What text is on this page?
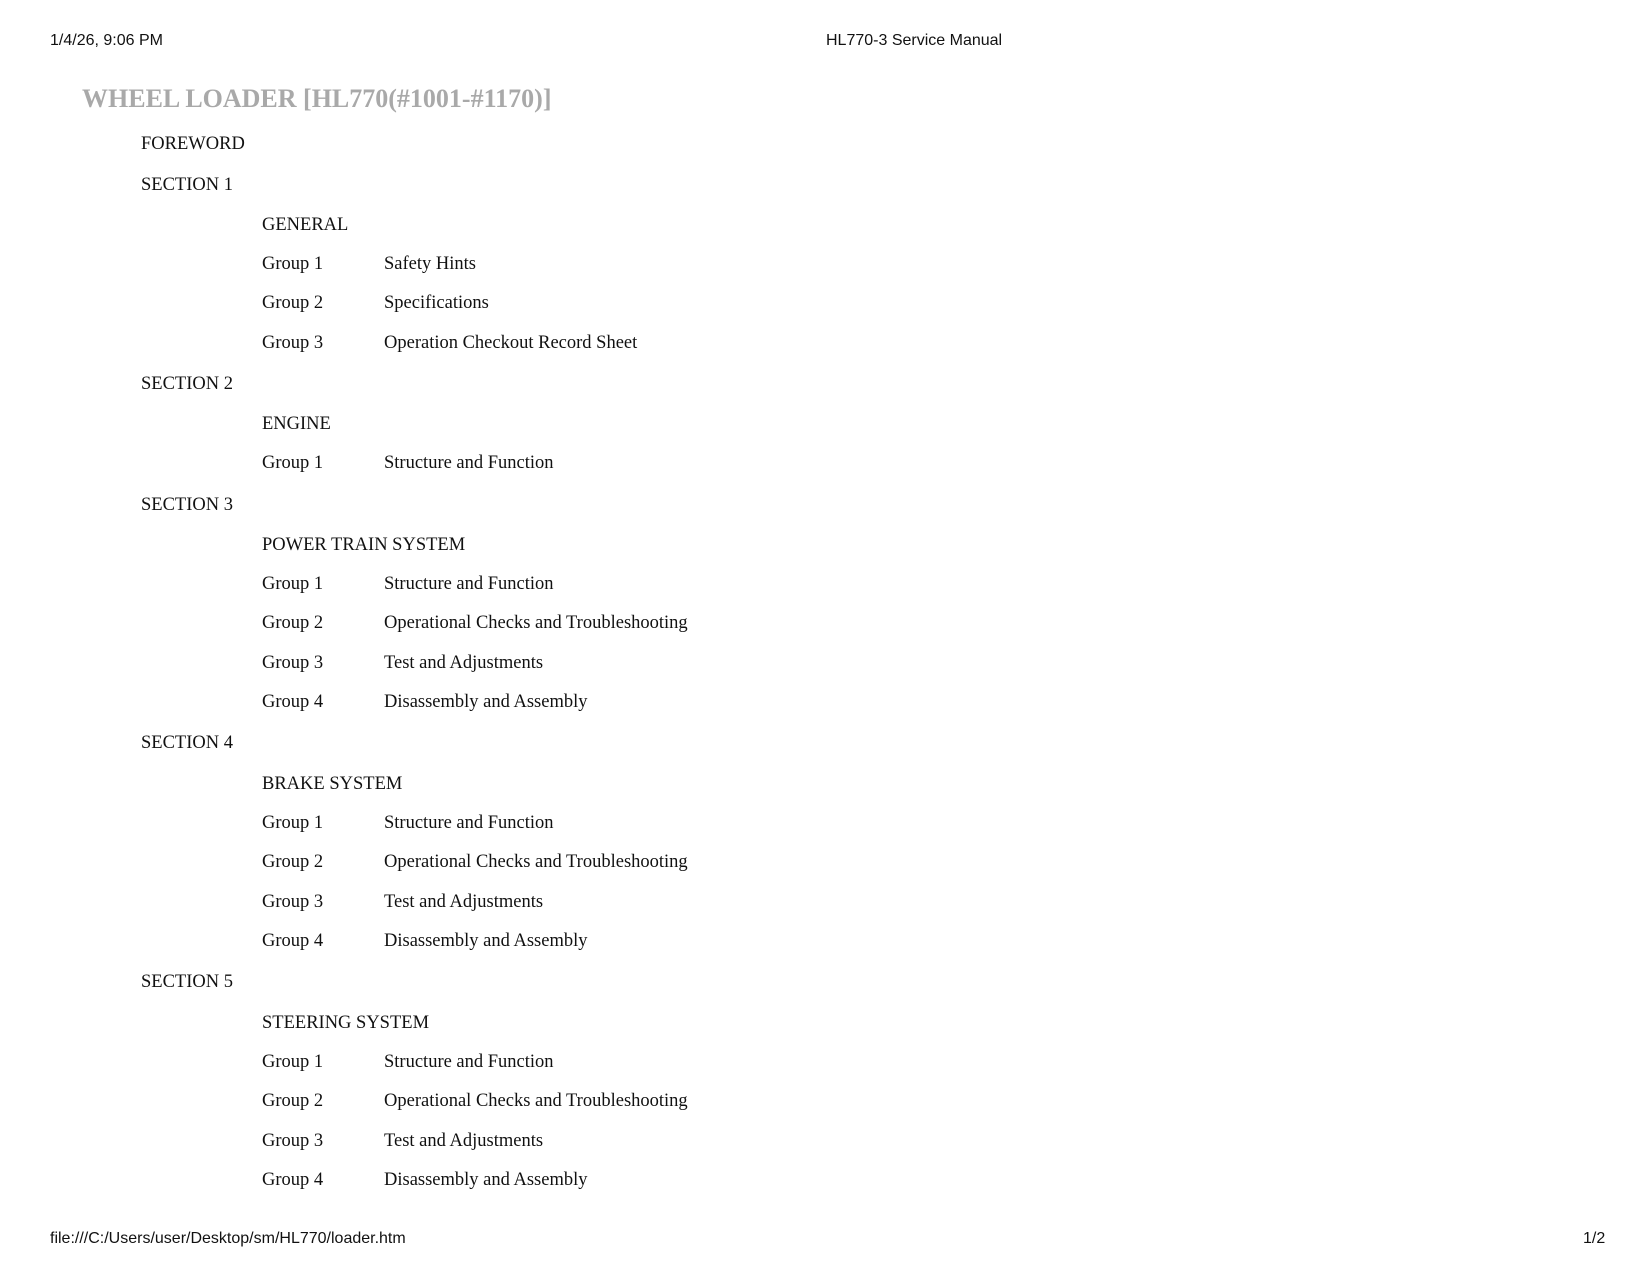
1/4/26, 9:06 PM	HL770-3 Service Manual
WHEEL LOADER [HL770(#1001-#1170)]
FOREWORD
SECTION 1
GENERAL
Group 1	Safety Hints
Group 2	Specifications
Group 3	Operation Checkout Record Sheet
SECTION 2
ENGINE
Group 1	Structure and Function
SECTION 3
POWER TRAIN SYSTEM
Group 1	Structure and Function
Group 2	Operational Checks and Troubleshooting
Group 3	Test and Adjustments
Group 4	Disassembly and Assembly
SECTION 4
BRAKE SYSTEM
Group 1	Structure and Function
Group 2	Operational Checks and Troubleshooting
Group 3	Test and Adjustments
Group 4	Disassembly and Assembly
SECTION 5
STEERING SYSTEM
Group 1	Structure and Function
Group 2	Operational Checks and Troubleshooting
Group 3	Test and Adjustments
Group 4	Disassembly and Assembly
file:///C:/Users/user/Desktop/sm/HL770/loader.htm	1/2
